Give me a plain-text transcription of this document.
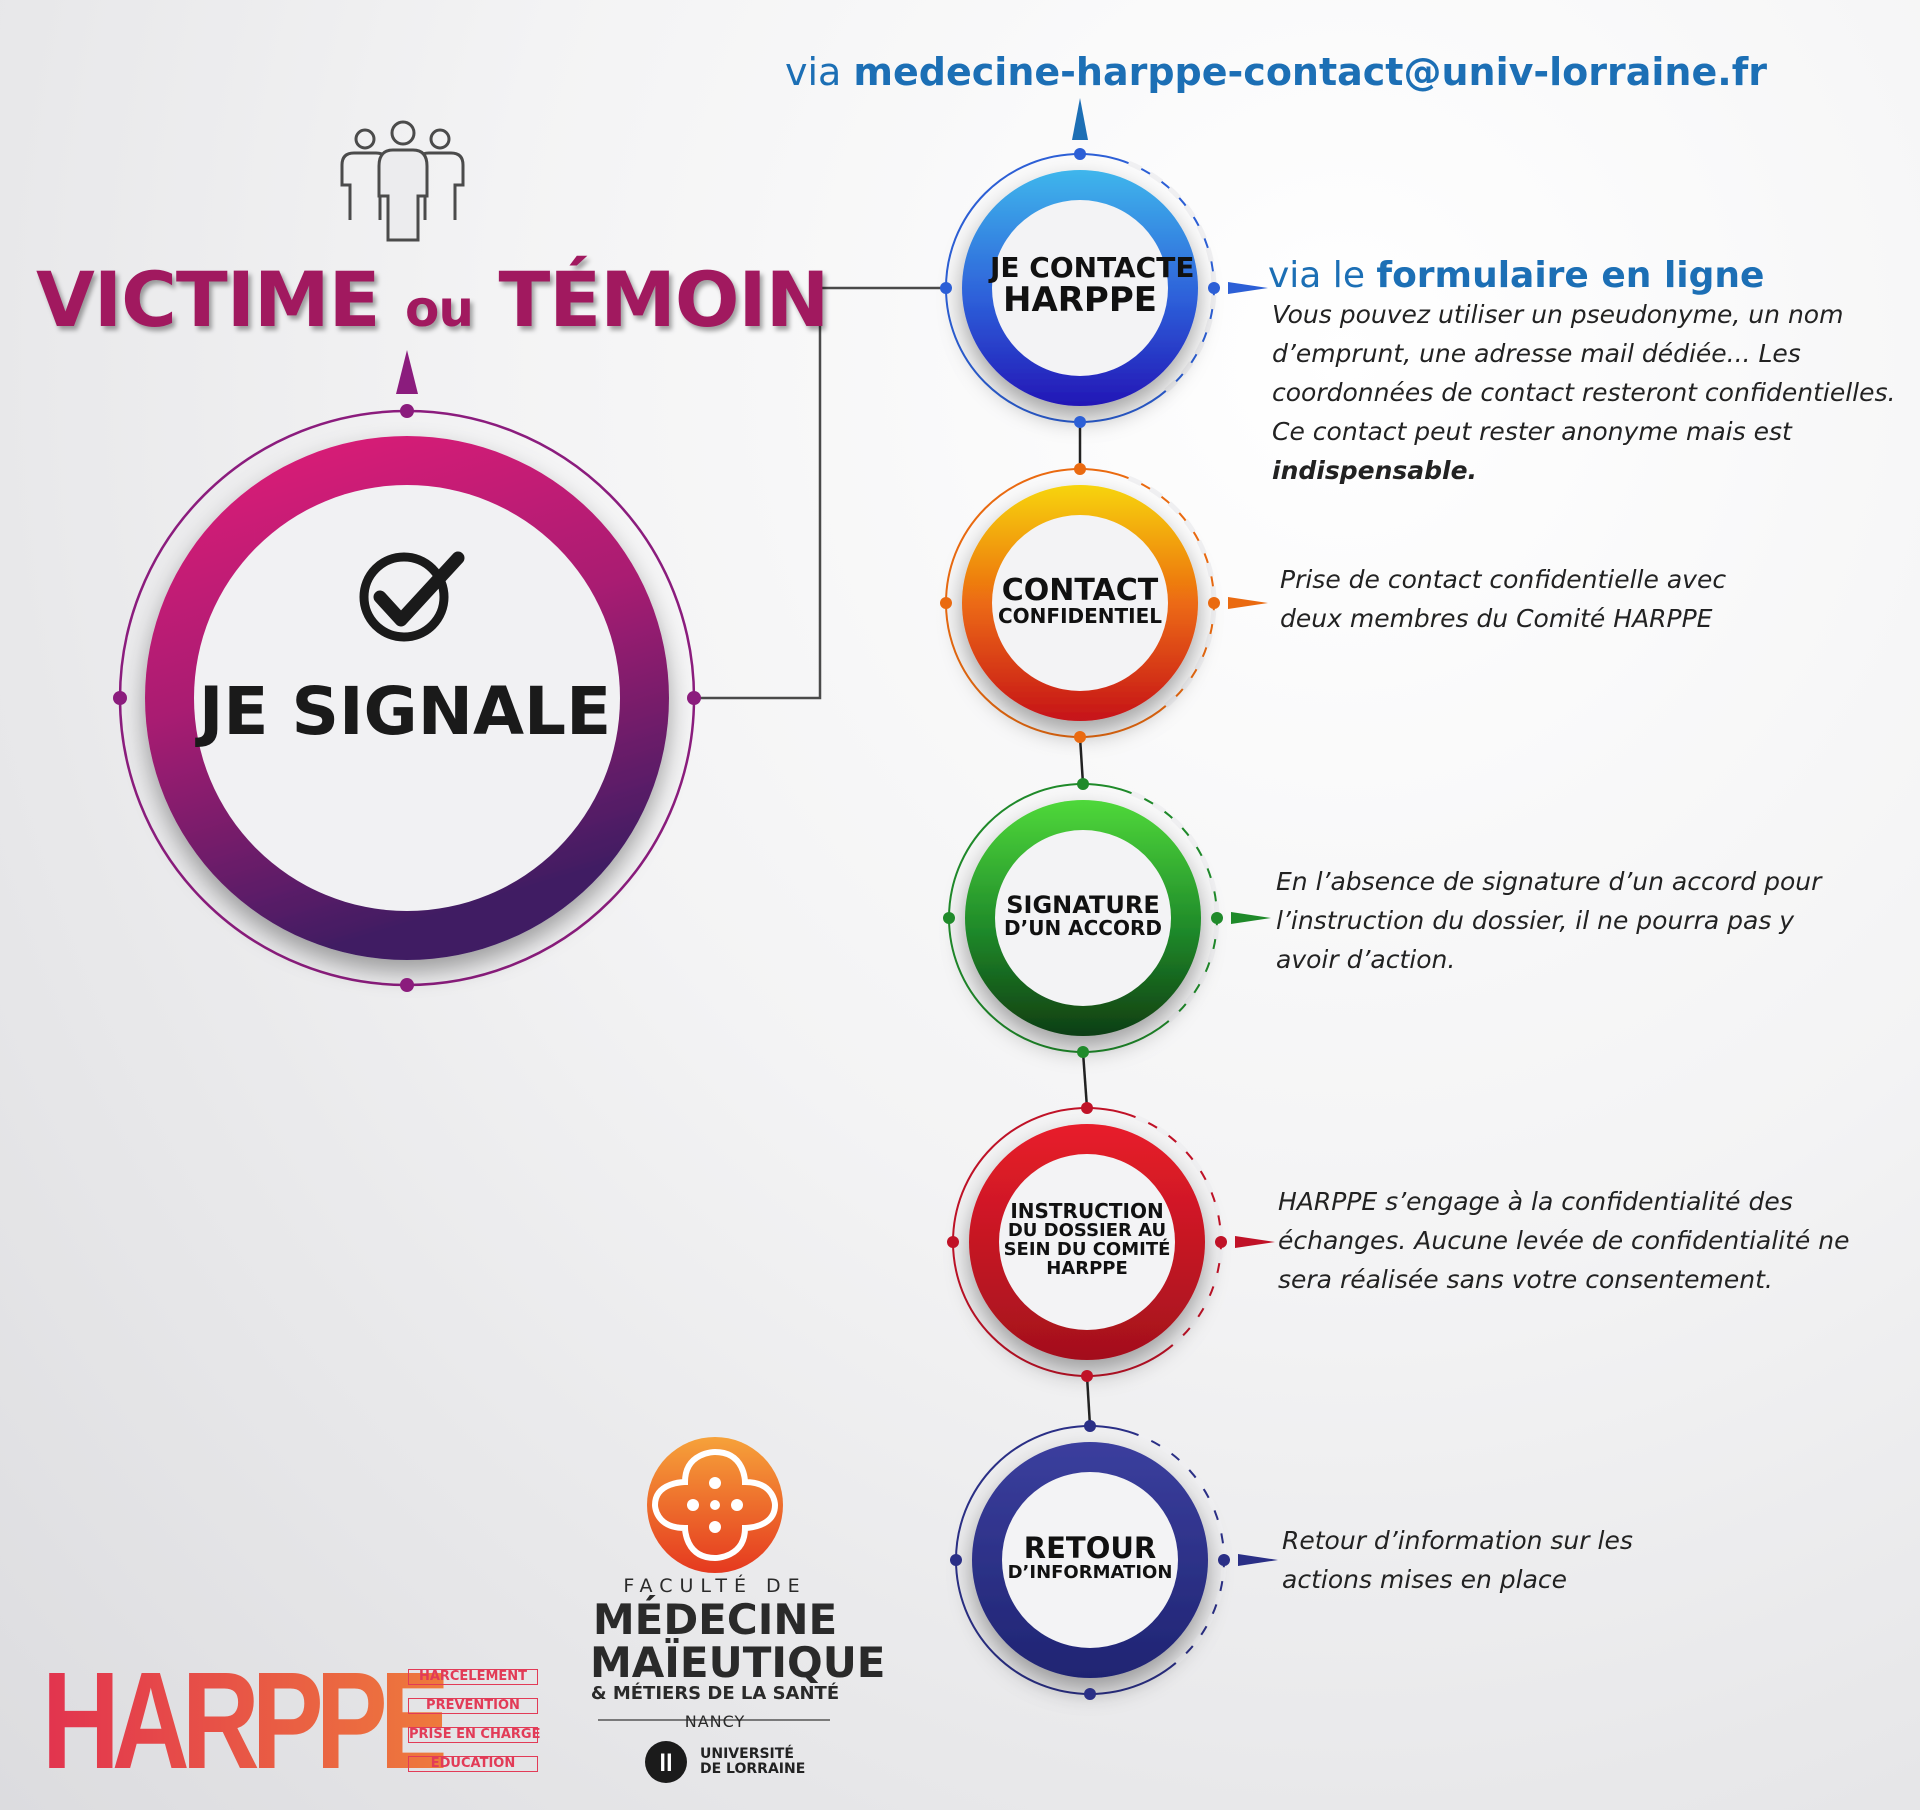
ll
via medecine-harppe-contact@univ-lorraine.fr
VICTIME ou TÉMOIN
JE SIGNALE
via le formulaire en ligne
Vous pouvez utiliser un pseudonyme, un nom d’emprunt, une adresse mail dédiée... Les coordonnées de contact resteront confidentielles. Ce contact peut rester anonyme mais est indispensable.
Prise de contact confidentielle avec deux membres du Comité HARPPE
En l’absence de signature d’un accord pour l’instruction du dossier, il ne pourra pas y avoir d’action.
HARPPE s’engage à la confidentialité des échanges. Aucune levée de confidentialité ne sera réalisée sans votre consentement.
Retour d’information sur les actions mises en place
JE CONTACTE
HARPPE
CONTACT
CONFIDENTIEL
SIGNATURE
D’UN ACCORD
INSTRUCTION
DU DOSSIER AU
SEIN DU COMITÉ
HARPPE
RETOUR
D’INFORMATION
FACULTÉ DE
MÉDECINE
MAÏEUTIQUE
& MÉTIERS DE LA SANTÉ
NANCY
UNIVERSITÉ
DE LORRAINE
HARPPE
HARCELEMENT
PREVENTION
PRISE EN CHARGE
EDUCATION
